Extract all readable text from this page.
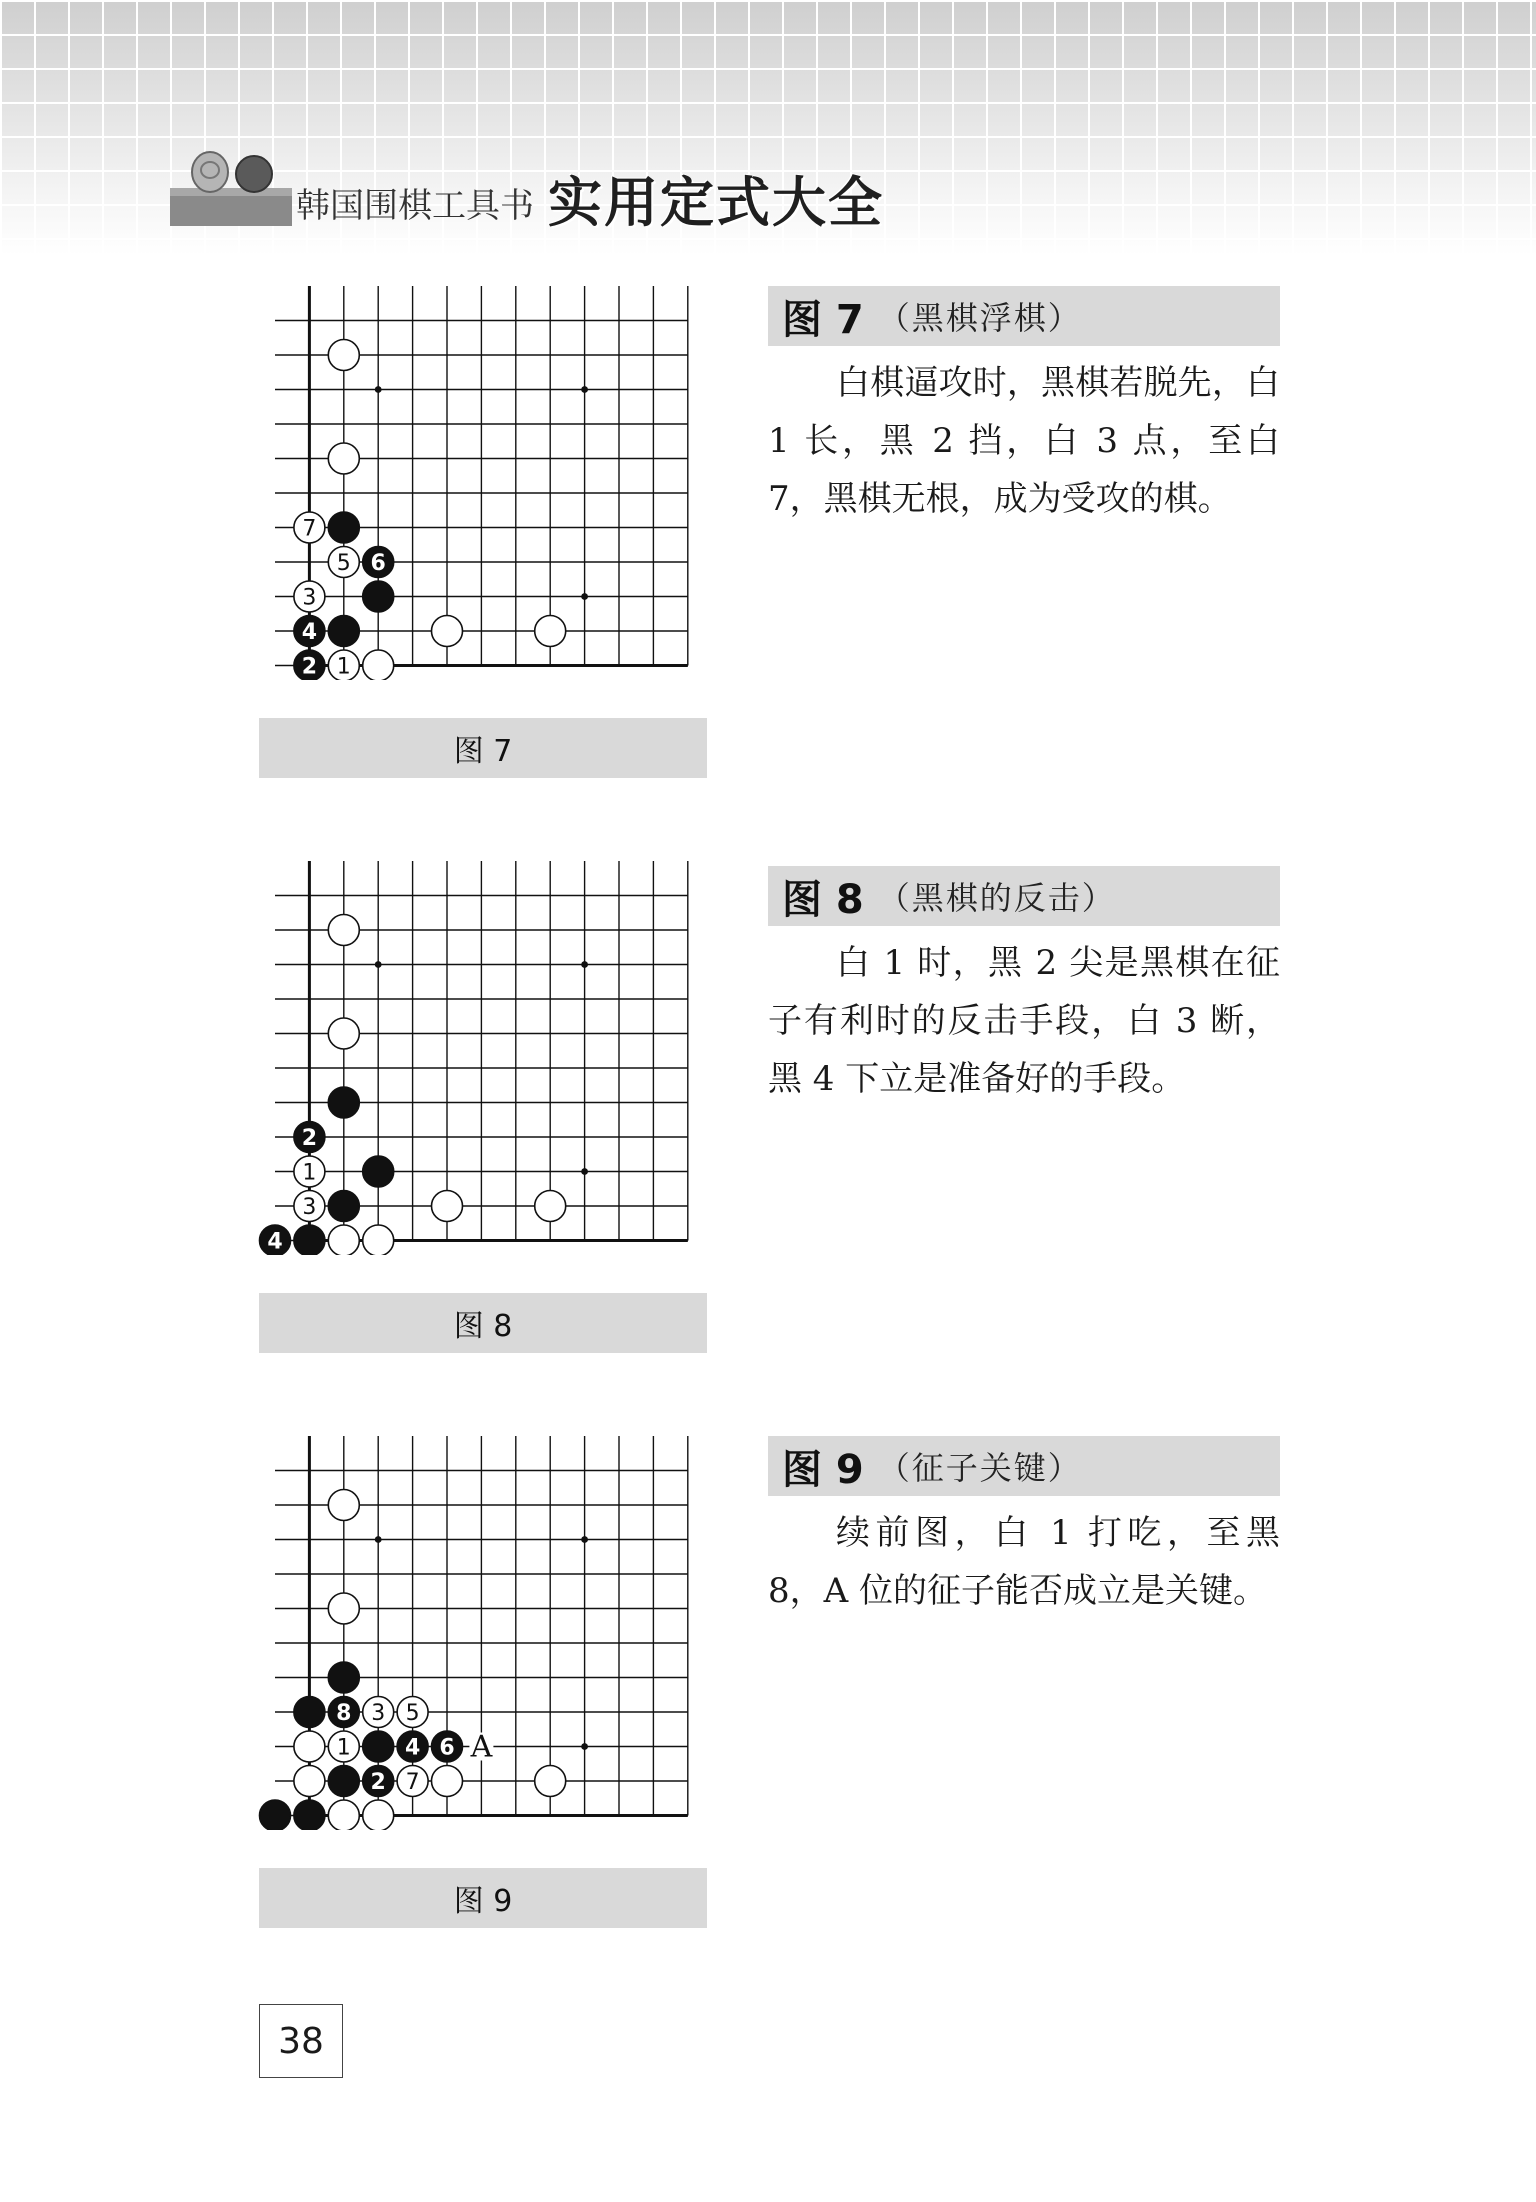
韩国围棋工具书 实用定式大全
7
5 6
3
4
2 1
图 7
图 7 （黑棋浮棋）

白棋逼攻时，黑棋若脱先，白 1 长，黑 2 挡，白 3 点，至白 7，黑棋无根，成为受攻的棋。

2
1
3
4
图 8
图 8 （黑棋的反击）

白 1 时，黑 2 尖是黑棋在征子有利时的反击手段，白 3 断，黑 4 下立是准备好的手段。

8 3 5
1 4 6
2 7
A
图 9
图 9 （征子关键）

续前图，白 1 打吃，至黑 8，A 位的征子能否成立是关键。

38
